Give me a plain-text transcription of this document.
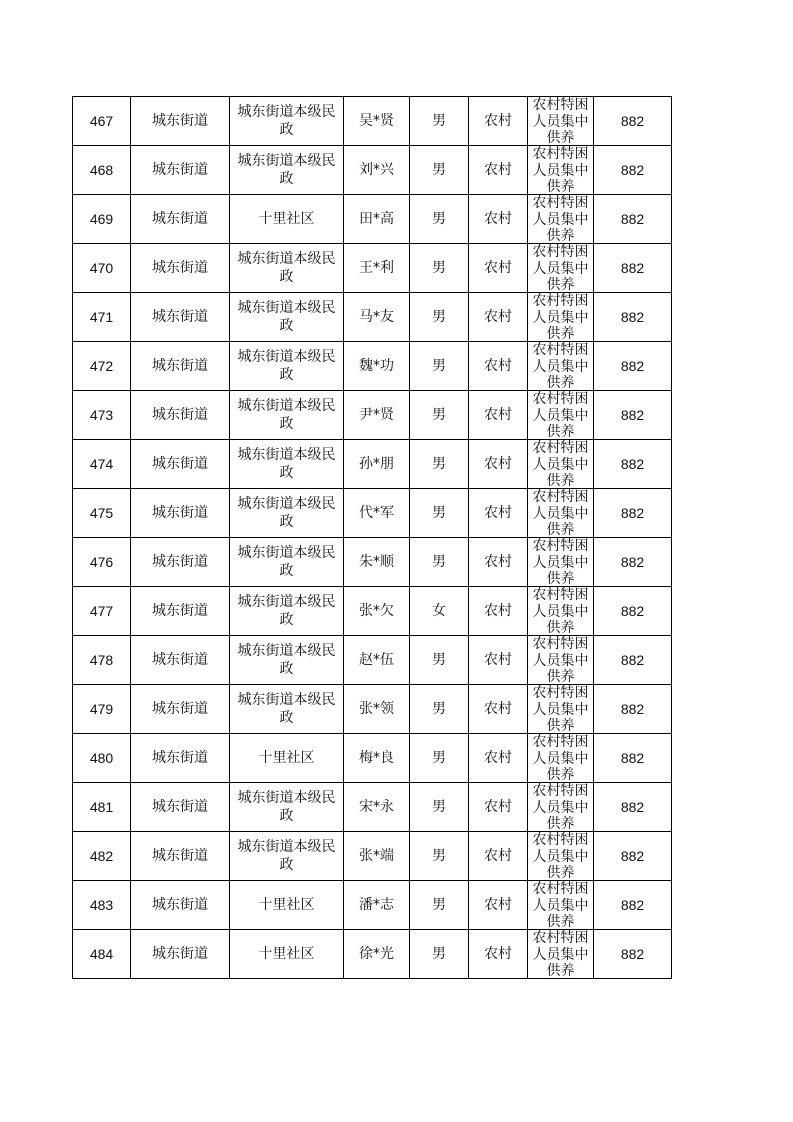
467	城东街道	城东街道本级民政	吴*贤	男	农村	农村特困人员集中供养	882
468	城东街道	城东街道本级民政	刘*兴	男	农村	农村特困人员集中供养	882
469	城东街道	十里社区	田*高	男	农村	农村特困人员集中供养	882
470	城东街道	城东街道本级民政	王*利	男	农村	农村特困人员集中供养	882
471	城东街道	城东街道本级民政	马*友	男	农村	农村特困人员集中供养	882
472	城东街道	城东街道本级民政	魏*功	男	农村	农村特困人员集中供养	882
473	城东街道	城东街道本级民政	尹*贤	男	农村	农村特困人员集中供养	882
474	城东街道	城东街道本级民政	孙*朋	男	农村	农村特困人员集中供养	882
475	城东街道	城东街道本级民政	代*军	男	农村	农村特困人员集中供养	882
476	城东街道	城东街道本级民政	朱*顺	男	农村	农村特困人员集中供养	882
477	城东街道	城东街道本级民政	张*欠	女	农村	农村特困人员集中供养	882
478	城东街道	城东街道本级民政	赵*伍	男	农村	农村特困人员集中供养	882
479	城东街道	城东街道本级民政	张*领	男	农村	农村特困人员集中供养	882
480	城东街道	十里社区	梅*良	男	农村	农村特困人员集中供养	882
481	城东街道	城东街道本级民政	宋*永	男	农村	农村特困人员集中供养	882
482	城东街道	城东街道本级民政	张*端	男	农村	农村特困人员集中供养	882
483	城东街道	十里社区	潘*志	男	农村	农村特困人员集中供养	882
484	城东街道	十里社区	徐*光	男	农村	农村特困人员集中供养	882
